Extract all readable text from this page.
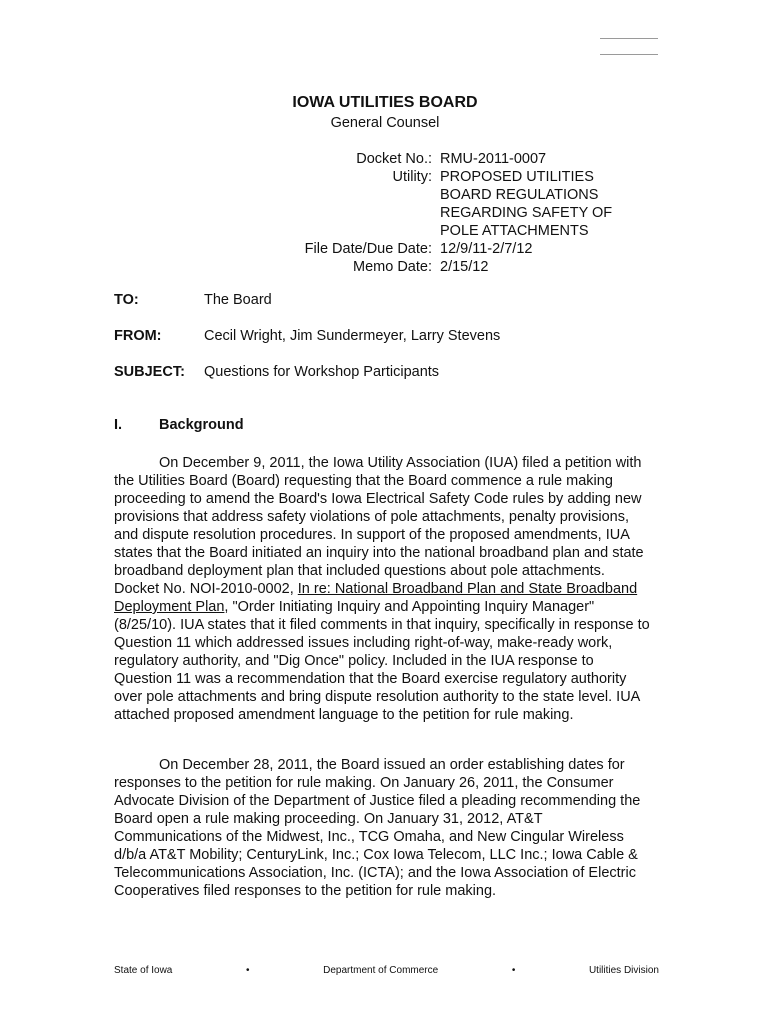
IOWA UTILITIES BOARD
General Counsel
Docket No.: RMU-2011-0007
Utility: PROPOSED UTILITIES
BOARD REGULATIONS
REGARDING SAFETY OF
POLE ATTACHMENTS
File Date/Due Date: 12/9/11-2/7/12
Memo Date: 2/15/12
TO:	The Board
FROM:	Cecil Wright, Jim Sundermeyer, Larry Stevens
SUBJECT:	Questions for Workshop Participants
I.	Background

On December 9, 2011, the Iowa Utility Association (IUA) filed a petition with the Utilities Board (Board) requesting that the Board commence a rule making proceeding to amend the Board's Iowa Electrical Safety Code rules by adding new provisions that address safety violations of pole attachments, penalty provisions, and dispute resolution procedures. In support of the proposed amendments, IUA states that the Board initiated an inquiry into the national broadband plan and state broadband deployment plan that included questions about pole attachments. Docket No. NOI-2010-0002, In re: National Broadband Plan and State Broadband Deployment Plan, "Order Initiating Inquiry and Appointing Inquiry Manager" (8/25/10). IUA states that it filed comments in that inquiry, specifically in response to Question 11 which addressed issues including right-of-way, make-ready work, regulatory authority, and "Dig Once" policy. Included in the IUA response to Question 11 was a recommendation that the Board exercise regulatory authority over pole attachments and bring dispute resolution authority to the state level. IUA attached proposed amendment language to the petition for rule making.

On December 28, 2011, the Board issued an order establishing dates for responses to the petition for rule making. On January 26, 2011, the Consumer Advocate Division of the Department of Justice filed a pleading recommending the Board open a rule making proceeding. On January 31, 2012, AT&T Communications of the Midwest, Inc., TCG Omaha, and New Cingular Wireless d/b/a AT&T Mobility; CenturyLink, Inc.; Cox Iowa Telecom, LLC Inc.; Iowa Cable & Telecommunications Association, Inc. (ICTA); and the Iowa Association of Electric Cooperatives filed responses to the petition for rule making.

State of Iowa	•	Department of Commerce	•	Utilities Division
